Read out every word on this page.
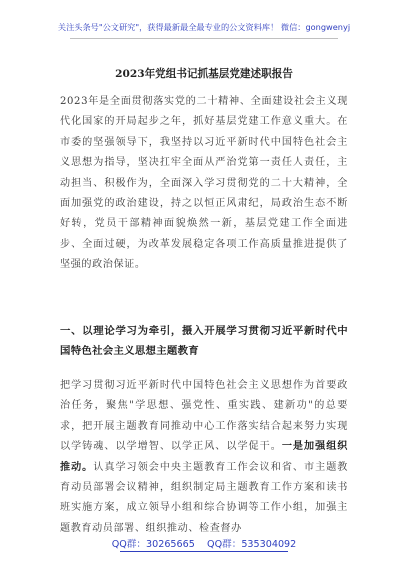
关注头条号"公文研究"，获得最新最全最专业的公文资料库！ 微信：gongwenyj
2023年党组书记抓基层党建述职报告
2023年是全面贯彻落实党的二十精神、全面建设社会主义现代化国家的开局起步之年，抓好基层党建工作意义重大。在市委的坚强领导下，我坚持以习近平新时代中国特色社会主义思想为指导，坚决扛牢全面从严治党第一责任人责任，主动担当、积极作为，全面深入学习贯彻党的二十大精神，全面加强党的政治建设，持之以恒正风肃纪，局政治生态不断好转，党员干部精神面貌焕然一新，基层党建工作全面进步、全面过硬，为改革发展稳定各项工作高质量推进提供了坚强的政治保证。
一、以理论学习为牵引，摄入开展学习贯彻习近平新时代中国特色社会主义思想主题教育
把学习贯彻习近平新时代中国特色社会主义思想作为首要政治任务，聚焦"学思想、强党性、重实践、建新功"的总要求，把开展主题教育同推动中心工作落实结合起来努力实现以学铸魂、以学增智、以学正风、以学促干。一是加强组织推动。认真学习领会中央主题教育工作会议和省、市主题教育动员部署会议精神，组织制定局主题教育工作方案和读书班实施方案，成立领导小组和综合协调等工作小组，加强主题教育动员部署、组织推动、检查督办
QQ群：30265665    QQ群：535304092
